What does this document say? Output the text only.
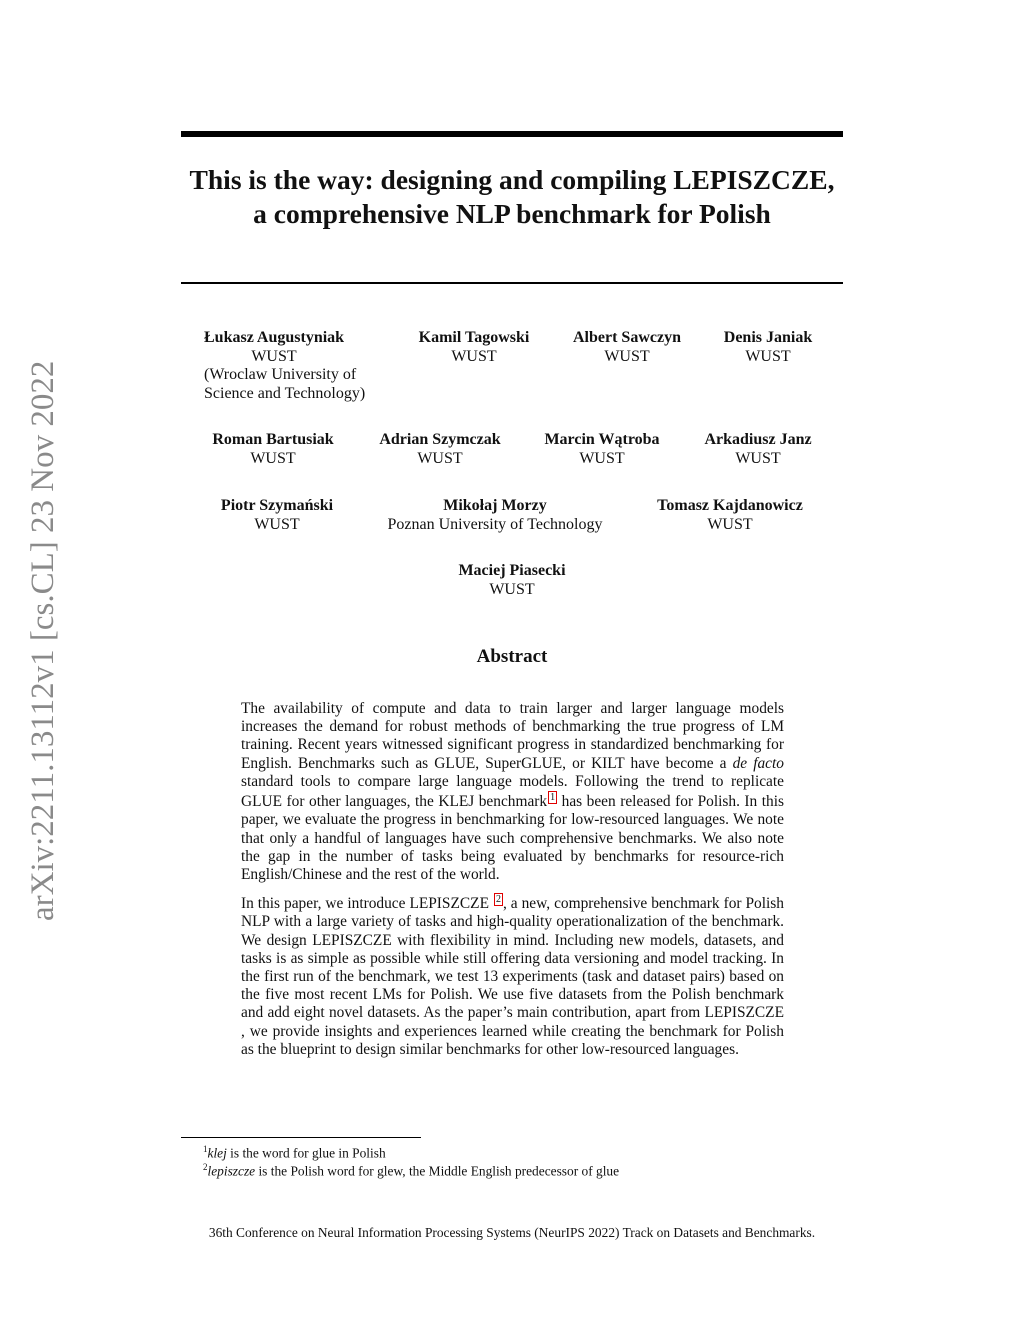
arXiv:2211.13112v1 [cs.CL] 23 Nov 2022
This is the way: designing and compiling LEPISZCZE, a comprehensive NLP benchmark for Polish
Łukasz Augustyniak
WUST
(Wroclaw University of
Science and Technology)
Kamil Tagowski
WUST
Albert Sawczyn
WUST
Denis Janiak
WUST
Roman Bartusiak
WUST
Adrian Szymczak
WUST
Marcin Wątroba
WUST
Arkadiusz Janz
WUST
Piotr Szymański
WUST
Mikołaj Morzy
Poznan University of Technology
Tomasz Kajdanowicz
WUST
Maciej Piasecki
WUST
Abstract

The availability of compute and data to train larger and larger language models increases the demand for robust methods of benchmarking the true progress of LM training. Recent years witnessed significant progress in standardized benchmarking for English. Benchmarks such as GLUE, SuperGLUE, or KILT have become a de facto standard tools to compare large language models. Following the trend to replicate GLUE for other languages, the KLEJ benchmark 1 has been released for Polish. In this paper, we evaluate the progress in benchmarking for low-resourced languages. We note that only a handful of languages have such comprehensive benchmarks. We also note the gap in the number of tasks being evaluated by benchmarks for resource-rich English/Chinese and the rest of the world.

In this paper, we introduce LEPISZCZE 2 , a new, comprehensive benchmark for Polish NLP with a large variety of tasks and high-quality operationalization of the benchmark. We design LEPISZCZE with flexibility in mind. Including new models, datasets, and tasks is as simple as possible while still offering data versioning and model tracking. In the first run of the benchmark, we test 13 experiments (task and dataset pairs) based on the five most recent LMs for Polish. We use five datasets from the Polish benchmark and add eight novel datasets. As the paper’s main contribution, apart from LEPISZCZE , we provide insights and experiences learned while creating the benchmark for Polish as the blueprint to design similar benchmarks for other low-resourced languages.

$^1$klej is the word for glue in Polish
$^2$lepiszcze is the Polish word for glew, the Middle English predecessor of glue
36th Conference on Neural Information Processing Systems (NeurIPS 2022) Track on Datasets and Benchmarks.
